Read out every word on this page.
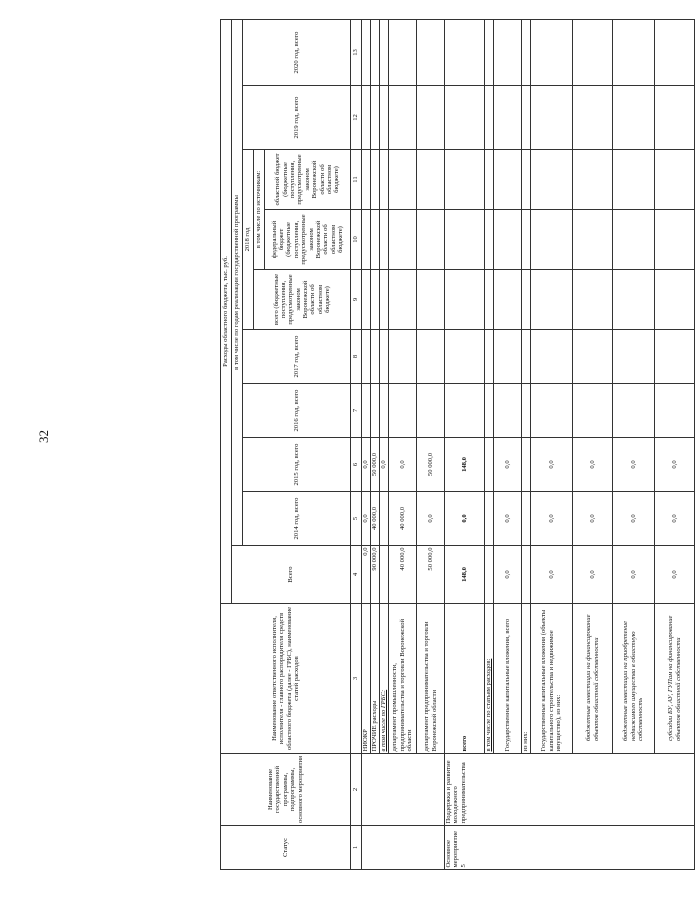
32
Статус	Наименование государственной программы, подпрограммы, основного мероприятия	Наименование ответственного исполнителя, исполнителя - главного распорядителя средств областного бюджета (далее - ГРБС), наименование статей расходов	Расходы областного бюджета, тыс. руб.									
			Всего	в том числе по годам реализации государственной программы								
				2014 год, всего	2015 год, всего	2016 год, всего	2017 год, всего	2018 год			2019 год, всего	2020 год, всего
								всего (бюджетные поступления, предусмотренные законом Воронежской области об областном бюджете)	в том числе по источникам:			
									федеральный бюджет (бюджетные поступления, предусмотренные законом Воронежской области об областном бюджете)	областной бюджет (бюджетные поступления, предусмотренные законом Воронежской области об областном бюджете)		
1	2	3	4	5	6	7	8	9	10	11	12	13
		НИОКР	0,0	0,0	0,0							
		ПРОЧИЕ расходы	90 000,0	40 000,0	50 000,0							
		в том числе по ГРБС:			0,0							
		департамент промышленности, предпринимательства и торговли Воронежской области	40 000,0	40 000,0	0,0							
		департамент предпринимательства и торговли Воронежской области	50 000,0	0,0	50 000,0							
Основное мероприятие 5	Поддержка и развитие молодежного предпринимательства	всего	148,0	0,0	148,0							
		в том числе по статьям расходов:										
		Государственные капитальные вложения, всего	0,0	0,0	0,0							
		из них:										
		Государственные капитальные вложения (объекты капитального строительства и недвижимое имущество), из них:	0,0	0,0	0,0							
		бюджетные инвестиции на финансирование объектов областной собственности	0,0	0,0	0,0							
		бюджетные инвестиции на приобретение недвижимого имущества в областную собственность	0,0	0,0	0,0							
		субсидии БУ, АУ, ГУПам на финансирование объектов областной собственности	0,0	0,0	0,0							
